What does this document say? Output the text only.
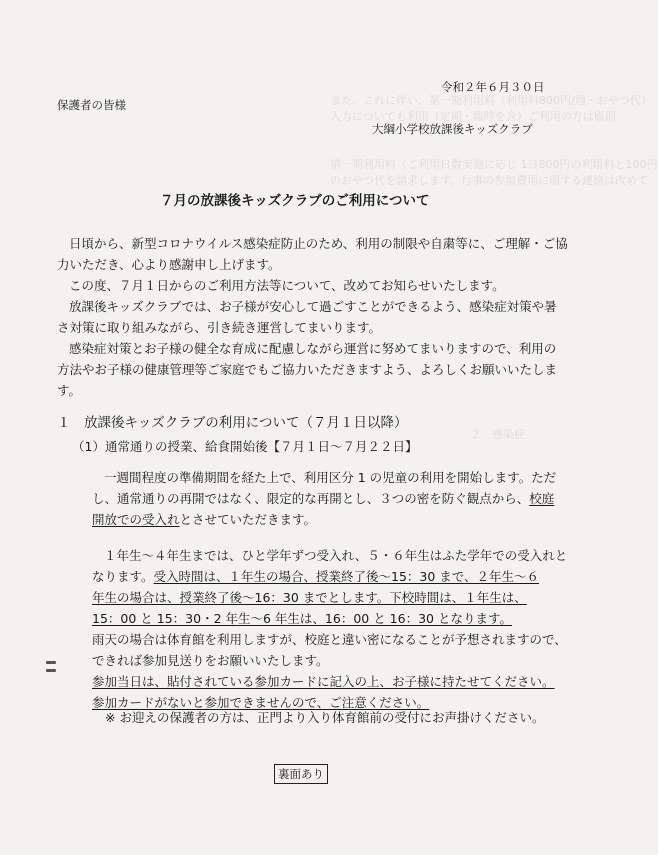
また、これに伴い、第一期利用料（利用料800円/週・おやつ代）
入力についても利用（定期・臨時を含）ご利用の方は原則
第一期利用料（ご利用日数実施に応じ 1日800円の利用料と100円
のおやつ代を請求します。行事の参加費用に関する連絡は改めて
２　感染症
令和２年６月３０日
保護者の皆様
大綱小学校放課後キッズクラブ
７月の放課後キッズクラブのご利用について
日頃から、新型コロナウイルス感染症防止のため、利用の制限や自粛等に、ご理解・ご協
力いただき、心より感謝申し上げます。
この度、７月１日からのご利用方法等について、改めてお知らせいたします。
放課後キッズクラブでは、お子様が安心して過ごすことができるよう、感染症対策や暑
さ対策に取り組みながら、引き続き運営してまいります。
感染症対策とお子様の健全な育成に配慮しながら運営に努めてまいりますので、利用の
方法やお子様の健康管理等ご家庭でもご協力いただきますよう、よろしくお願いいたしま
す。
１　放課後キッズクラブの利用について（７月１日以降）
（1）通常通りの授業、給食開始後【７月１日～７月２２日】
一週間程度の準備期間を経た上で、利用区分 1 の児童の利用を開始します。ただ
し、通常通りの再開ではなく、限定的な再開とし、３つの密を防ぐ観点から、校庭
開放での受入れとさせていただきます。
１年生～４年生までは、ひと学年ずつ受入れ、５・６年生はふた学年での受入れと
なります。受入時間は、１年生の場合、授業終了後～15：30 まで、２年生～６
年生の場合は、授業終了後～16：30 までとします。下校時間は、１年生は、
15：00 と 15：30・2 年生～6 年生は、16：00 と 16：30 となります。
雨天の場合は体育館を利用しますが、校庭と違い密になることが予想されますので、
できれば参加見送りをお願いいたします。
参加当日は、貼付されている参加カードに記入の上、お子様に持たせてください。
参加カードがないと参加できませんので、ご注意ください。
※ お迎えの保護者の方は、正門より入り体育館前の受付にお声掛けください。
裏面あり
